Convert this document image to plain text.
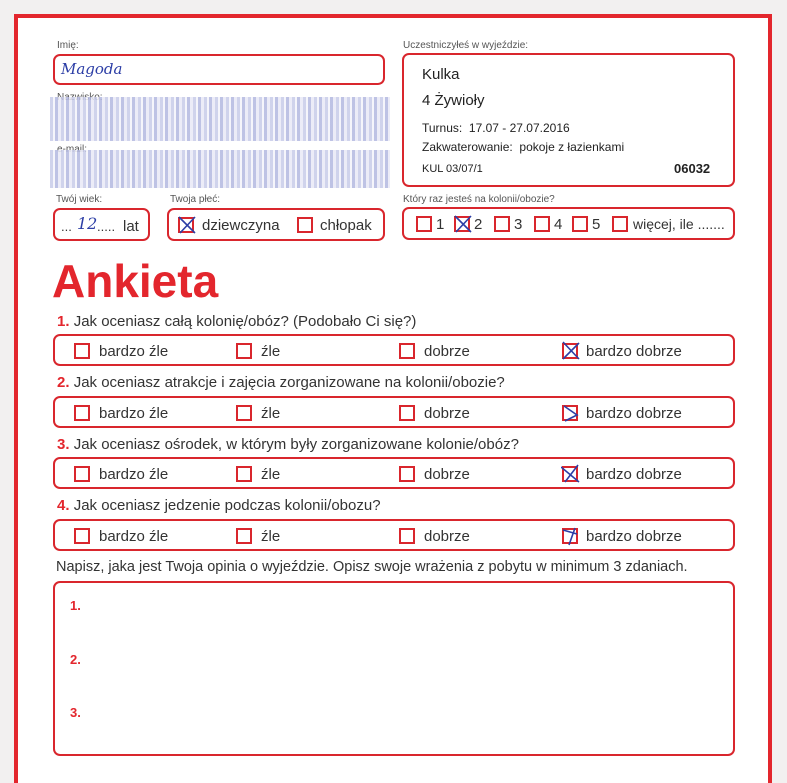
Imię:
Magoda
Uczestniczyłeś w wyjeździe:
Kulka
4 Żywioły
Turnus: 17.07 - 27.07.2016
Zakwaterowanie: pokoje z łazienkami
KUL 03/07/1	06032
Twój wiek:
... 12 ..... lat
Twoja płeć:
dziewczyna	chłopak
Który raz jesteś na kolonii/obozie?
1 2 3 4 5 więcej, ile .......
Ankieta
1. Jak oceniasz całą kolonię/obóz? (Podobało Ci się?)
bardzo źle	źle	dobrze	bardzo dobrze
2. Jak oceniasz atrakcje i zajęcia zorganizowane na kolonii/obozie?
bardzo źle	źle	dobrze	bardzo dobrze
3. Jak oceniasz ośrodek, w którym były zorganizowane kolonie/obóz?
bardzo źle	źle	dobrze	bardzo dobrze
4. Jak oceniasz jedzenie podczas kolonii/obozu?
bardzo źle	źle	dobrze	bardzo dobrze
Napisz, jaka jest Twoja opinia o wyjeździe. Opisz swoje wrażenia z pobytu w minimum 3 zdaniach.
1.
2.
3.
